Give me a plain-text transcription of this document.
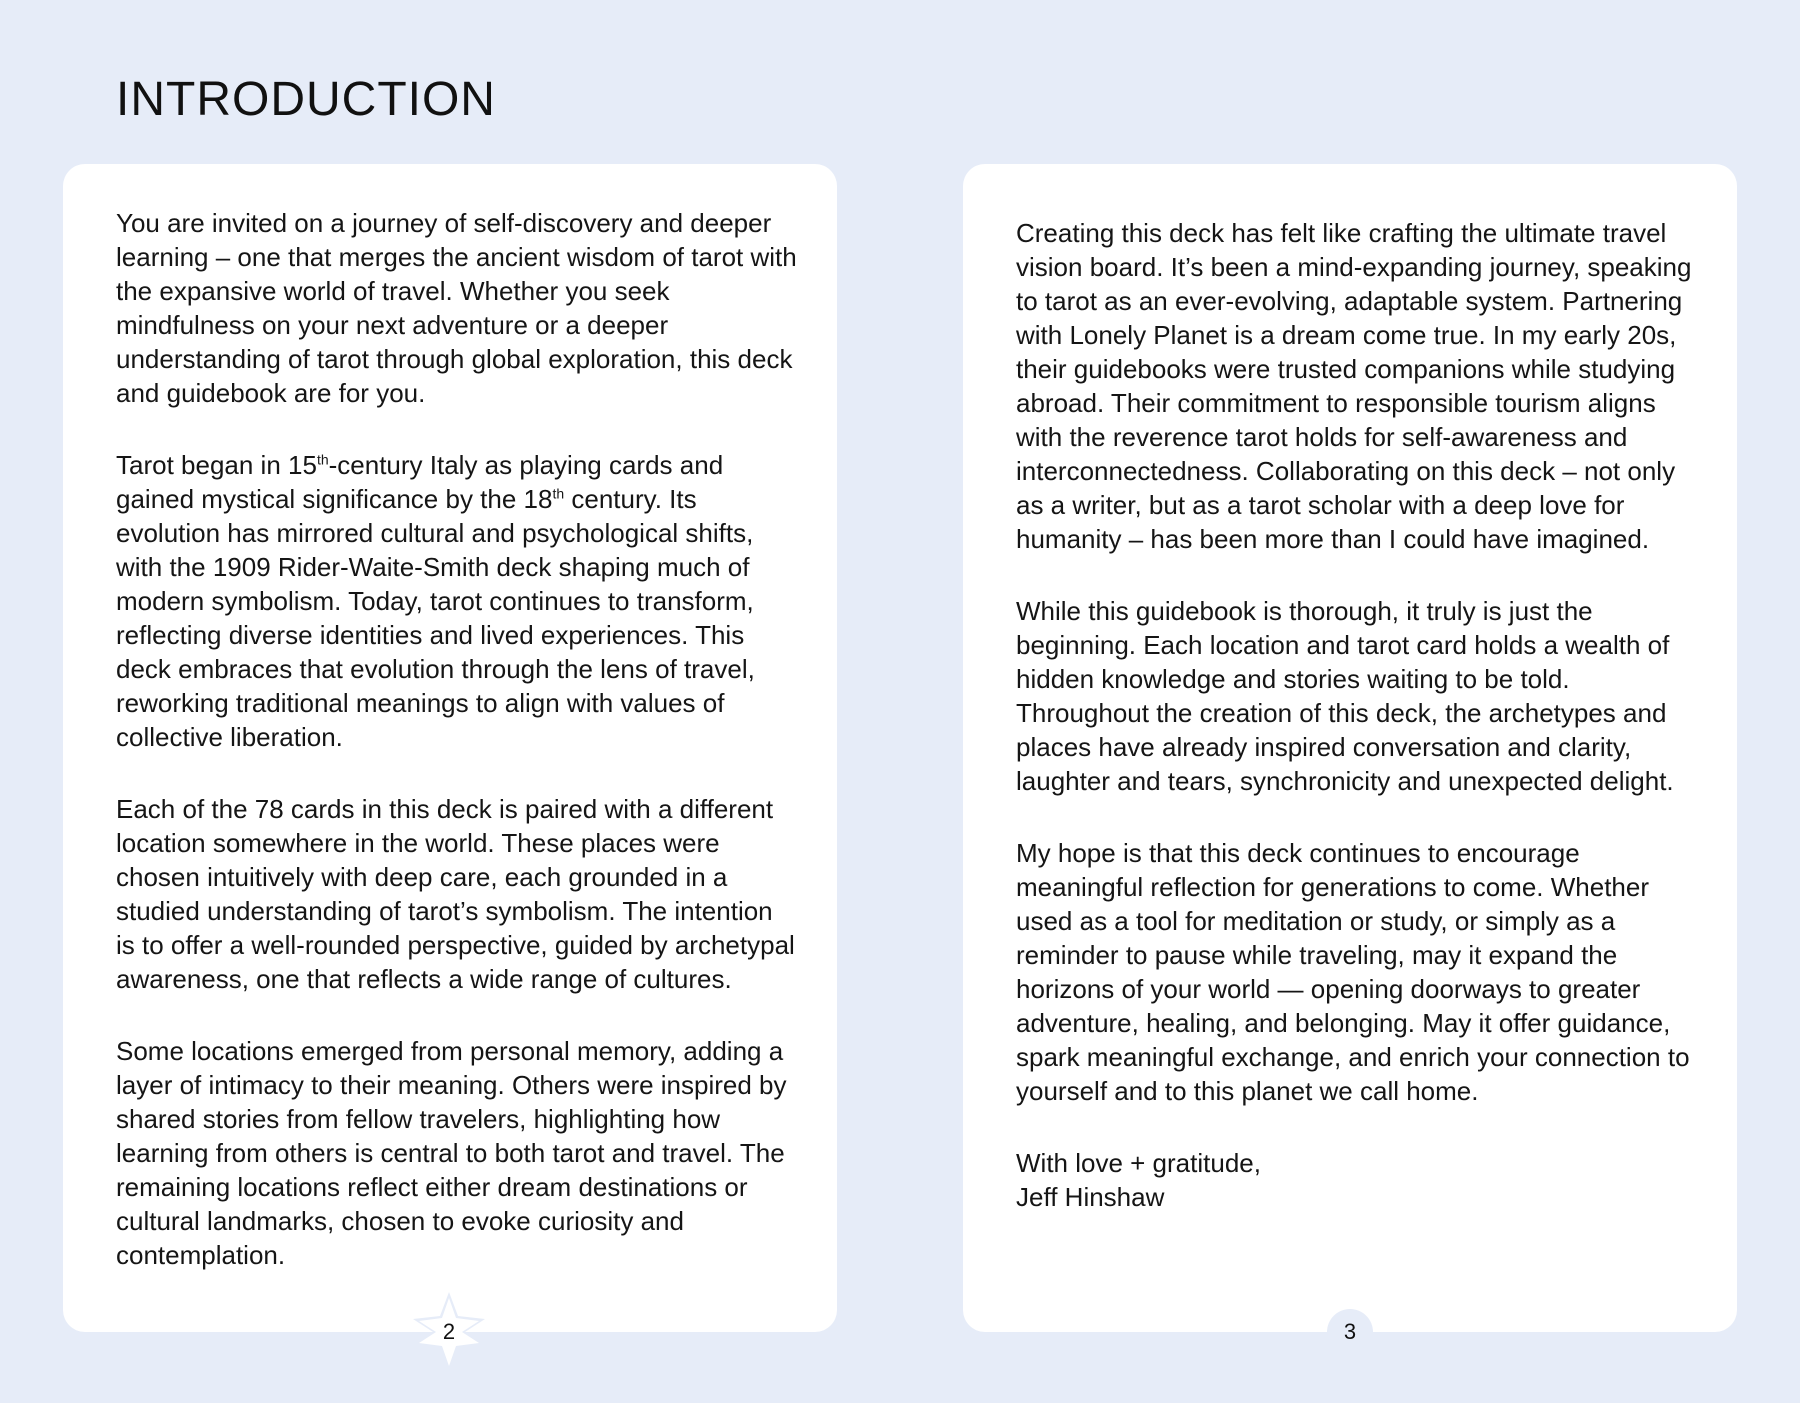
INTRODUCTION

You are invited on a journey of self-discovery and deeper learning – one that merges the ancient wisdom of tarot with the expansive world of travel. Whether you seek mindfulness on your next adventure or a deeper understanding of tarot through global exploration, this deck and guidebook are for you.

Tarot began in 15th-century Italy as playing cards and gained mystical significance by the 18th century. Its evolution has mirrored cultural and psychological shifts, with the 1909 Rider-Waite-Smith deck shaping much of modern symbolism. Today, tarot continues to transform, reflecting diverse identities and lived experiences. This deck embraces that evolution through the lens of travel, reworking traditional meanings to align with values of collective liberation.

Each of the 78 cards in this deck is paired with a different location somewhere in the world. These places were chosen intuitively with deep care, each grounded in a studied understanding of tarot’s symbolism. The intention is to offer a well-rounded perspective, guided by archetypal awareness, one that reflects a wide range of cultures.

Some locations emerged from personal memory, adding a layer of intimacy to their meaning. Others were inspired by shared stories from fellow travelers, highlighting how learning from others is central to both tarot and travel. The remaining locations reflect either dream destinations or cultural landmarks, chosen to evoke curiosity and contemplation.

Creating this deck has felt like crafting the ultimate travel vision board. It’s been a mind-expanding journey, speaking to tarot as an ever-evolving, adaptable system. Partnering with Lonely Planet is a dream come true. In my early 20s, their guidebooks were trusted companions while studying abroad. Their commitment to responsible tourism aligns with the reverence tarot holds for self-awareness and interconnectedness. Collaborating on this deck – not only as a writer, but as a tarot scholar with a deep love for humanity – has been more than I could have imagined.

While this guidebook is thorough, it truly is just the beginning. Each location and tarot card holds a wealth of hidden knowledge and stories waiting to be told. Throughout the creation of this deck, the archetypes and places have already inspired conversation and clarity, laughter and tears, synchronicity and unexpected delight.

My hope is that this deck continues to encourage meaningful reflection for generations to come. Whether used as a tool for meditation or study, or simply as a reminder to pause while traveling, may it expand the horizons of your world — opening doorways to greater adventure, healing, and belonging. May it offer guidance, spark meaningful exchange, and enrich your connection to yourself and to this planet we call home.

With love + gratitude,
Jeff Hinshaw

2	3
